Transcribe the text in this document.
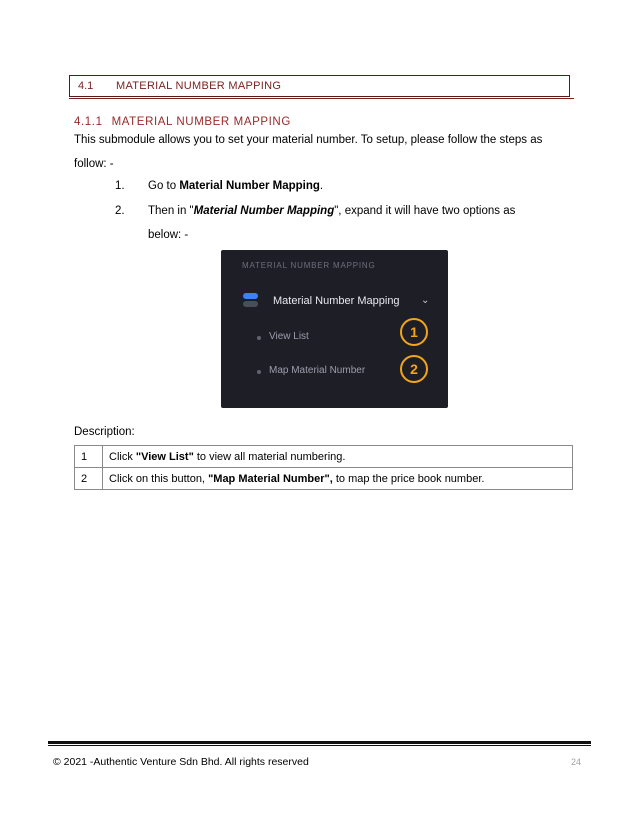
4.1 MATERIAL NUMBER MAPPING
4.1.1 MATERIAL NUMBER MAPPING
This submodule allows you to set your material number. To setup, please follow the steps as
follow: -
1. Go to Material Number Mapping.
2. Then in "Material Number Mapping", expand it will have two options as
below: -
MATERIAL NUMBER MAPPING
Material Number Mapping ⌄
View List	1
Map Material Number	2
Description:
1	Click "View List" to view all material numbering.
2	Click on this button, "Map Material Number", to map the price book number.
© 2021 -Authentic Venture Sdn Bhd. All rights reserved	24
